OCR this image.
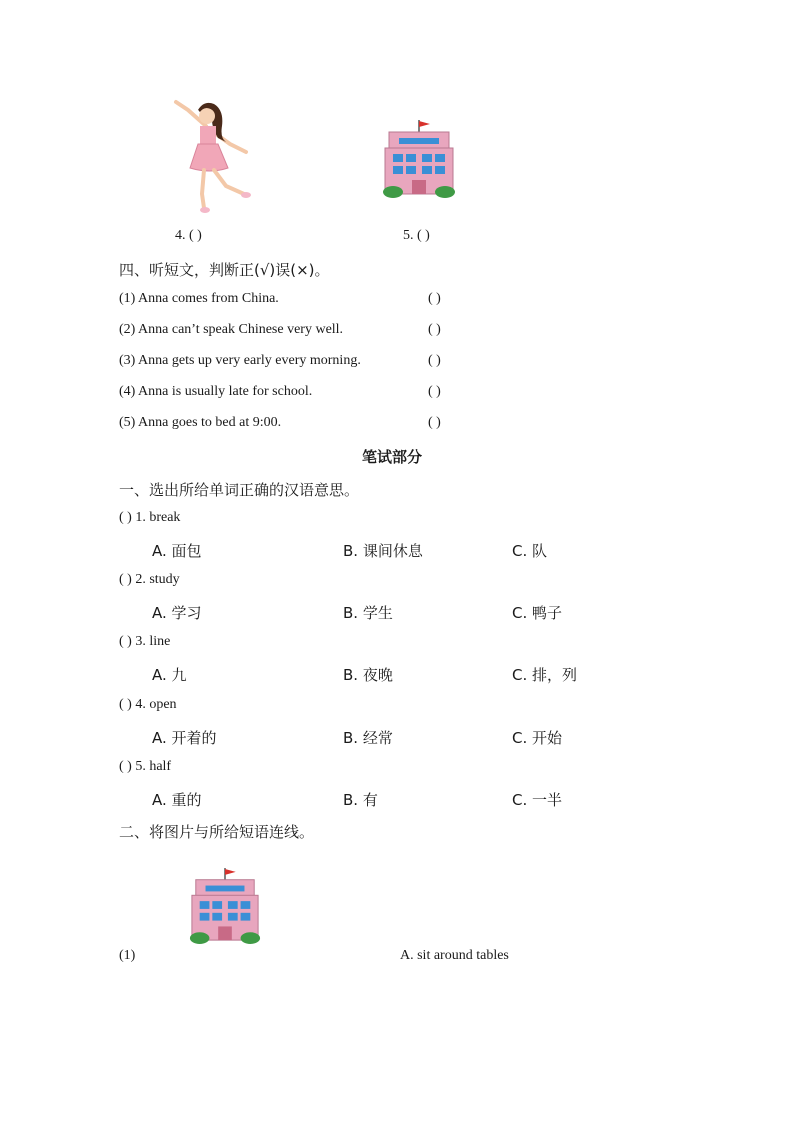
4. ( )	5. ( )
四、听短文，判断正(√)误(×)。
(1) Anna comes from China.	( )
(2) Anna can’t speak Chinese very well.	( )
(3) Anna gets up very early every morning.	( )
(4) Anna is usually late for school.	( )
(5) Anna goes to bed at 9:00.	( )
笔试部分
一、选出所给单词正确的汉语意思。
( ) 1. break
A. 面包	B. 课间休息	C. 队
( ) 2. study
A. 学习	B. 学生	C. 鸭子
( ) 3. line
A. 九	B. 夜晚	C. 排，列
( ) 4. open
A. 开着的	B. 经常	C. 开始
( ) 5. half
A. 重的	B. 有	C. 一半
二、将图片与所给短语连线。
(1)	A. sit around tables
